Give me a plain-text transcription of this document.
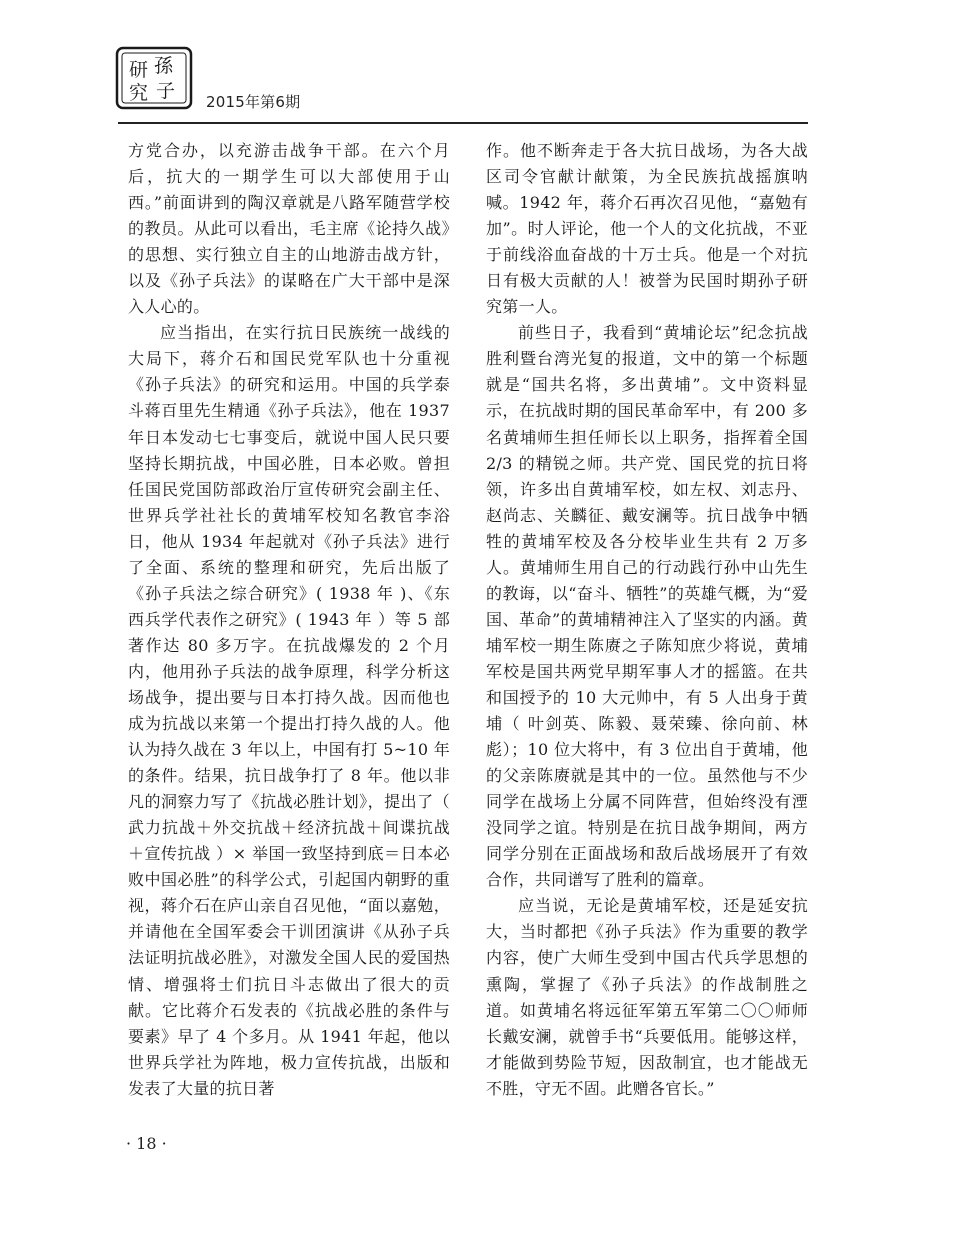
研 孫
究 子 2015年第6期

方党合办，以充游击战争干部。在六个月后，抗大的一期学生可以大部使用于山西。”前面讲到的陶汉章就是八路军随营学校的教员。从此可以看出，毛主席《论持久战》的思想、实行独立自主的山地游击战方针，以及《孙子兵法》的谋略在广大干部中是深入人心的。

应当指出，在实行抗日民族统一战线的大局下，蒋介石和国民党军队也十分重视《孙子兵法》的研究和运用。中国的兵学泰斗蒋百里先生精通《孙子兵法》，他在 1937 年日本发动七七事变后，就说中国人民只要坚持长期抗战，中国必胜，日本必败。曾担任国民党国防部政治厅宣传研究会副主任、世界兵学社社长的黄埔军校知名教官李浴日，他从 1934 年起就对《孙子兵法》进行了全面、系统的整理和研究，先后出版了《孙子兵法之综合研究》( 1938 年 )、《东西兵学代表作之研究》( 1943 年 ）等 5 部著作达 80 多万字。在抗战爆发的 2 个月内，他用孙子兵法的战争原理，科学分析这场战争，提出要与日本打持久战。因而他也成为抗战以来第一个提出打持久战的人。他认为持久战在 3 年以上，中国有打 5~10 年的条件。结果，抗日战争打了 8 年。他以非凡的洞察力写了《抗战必胜计划》，提出了（ 武力抗战＋外交抗战＋经济抗战＋间谍抗战＋宣传抗战 ）× 举国一致坚持到底＝日本必败中国必胜”的科学公式，引起国内朝野的重视，蒋介石在庐山亲自召见他，“面以嘉勉，并请他在全国军委会干训团演讲《从孙子兵法证明抗战必胜》，对激发全国人民的爱国热情、增强将士们抗日斗志做出了很大的贡献。它比蒋介石发表的《抗战必胜的条件与要素》早了 4 个多月。从 1941 年起，他以世界兵学社为阵地，极力宣传抗战，出版和发表了大量的抗日著

作。他不断奔走于各大抗日战场，为各大战区司令官献计献策，为全民族抗战摇旗呐喊。1942 年，蒋介石再次召见他，“嘉勉有加”。时人评论，他一个人的文化抗战，不亚于前线浴血奋战的十万士兵。他是一个对抗日有极大贡献的人！被誉为民国时期孙子研究第一人。

前些日子，我看到“黄埔论坛”纪念抗战胜利暨台湾光复的报道，文中的第一个标题就是“国共名将，多出黄埔”。文中资料显示，在抗战时期的国民革命军中，有 200 多名黄埔师生担任师长以上职务，指挥着全国 2/3 的精锐之师。共产党、国民党的抗日将领，许多出自黄埔军校，如左权、刘志丹、赵尚志、关麟征、戴安澜等。抗日战争中牺牲的黄埔军校及各分校毕业生共有 2 万多人。黄埔师生用自己的行动践行孙中山先生的教诲，以“奋斗、牺牲”的英雄气概，为“爱国、革命”的黄埔精神注入了坚实的内涵。黄埔军校一期生陈赓之子陈知庶少将说，黄埔军校是国共两党早期军事人才的摇篮。在共和国授予的 10 大元帅中，有 5 人出身于黄埔（ 叶剑英、陈毅、聂荣臻、徐向前、林彪）；10 位大将中，有 3 位出自于黄埔，他的父亲陈赓就是其中的一位。虽然他与不少同学在战场上分属不同阵营，但始终没有湮没同学之谊。特别是在抗日战争期间，两方同学分别在正面战场和敌后战场展开了有效合作，共同谱写了胜利的篇章。

应当说，无论是黄埔军校，还是延安抗大，当时都把《孙子兵法》作为重要的教学内容，使广大师生受到中国古代兵学思想的熏陶，掌握了《孙子兵法》的作战制胜之道。如黄埔名将远征军第五军第二〇〇师师长戴安澜，就曾手书“兵要低用。能够这样，才能做到势险节短，因敌制宜，也才能战无不胜，守无不固。此赠各官长。”

· 18 ·
